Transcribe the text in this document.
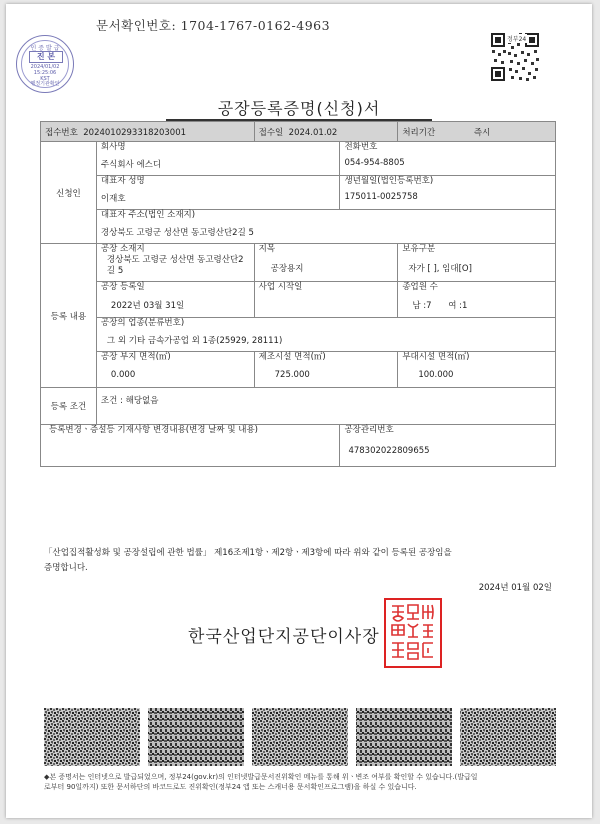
문서확인번호: 1704-1767-0162-4963
인 증 발 급
진 본
2024/01/02
15:25:06
KST
행정기관확인
정부24
공장등록증명(신청)서
접수번호 2024010293318203001		접수일 2024.01.02		처리기간 즉시
신청인	회사명		전화번호	
	주식회사 에스디		054-954-8805	
	대표자 성명		생년월일(법인등록번호)	
	이재호		175011-0025758	
	대표자 주소(법인 소재지)			
	경상북도 고령군 성산면 동고령산단2길 5			
등록 내용	공장 소재지	지목		보유구분
	경상북도 고령군 성산면 동고령산단2길 5	공장용지		자가 [ ], 임대[O]
	공장 등록일	사업 시작일		종업원 수
	2022년 03월 31일			남 :7 여 :1
	공장의 업종(분류번호)			
	그 외 기타 금속가공업 외 1종(25929, 28111)			
	공장 부지 면적(㎡)	제조시설 면적(㎡)		부대시설 면적(㎡)
	0.000	725.000		100.000
등록 조건	조건 : 해당없음			
등록변경ㆍ증설등 기재사항 변경내용(변경 날짜 및 내용)			공장관리번호	
			478302022809655	
「산업집적활성화 및 공장설립에 관한 법률」 제16조제1항ㆍ제2항ㆍ제3항에 따라 위와 같이 등록된 공장임을
증명합니다.
2024년 01월 02일
한국산업단지공단이사장
◆본 증명서는 인터넷으로 발급되었으며, 정부24(gov.kr)의 인터넷발급문서진위확인 메뉴를 통해 위ㆍ변조 여부를 확인할 수 있습니다.(발급일
로부터 90일까지) 또한 문서하단의 바코드로도 진위확인(정부24 앱 또는 스캐너용 문서확인프로그램)을 하실 수 있습니다.
